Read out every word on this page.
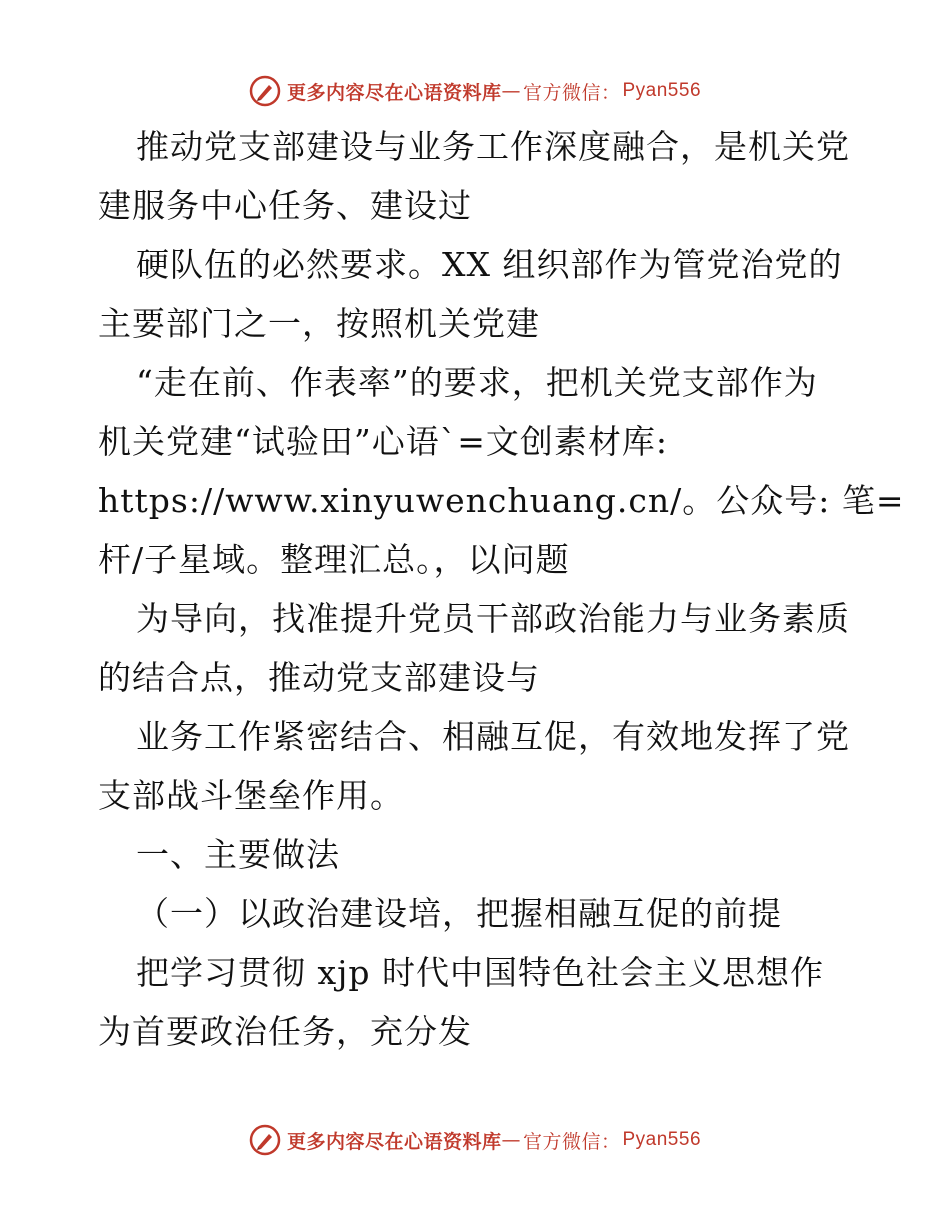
更多内容尽在心语资料库 — 官方微信： Pyan556
推动党支部建设与业务工作深度融合，是机关党
建服务中心任务、建设过
硬队伍的必然要求。XX 组织部作为管党治党的
主要部门之一，按照机关党建
“走在前、作表率”的要求，把机关党支部作为
机关党建“试验田”心语`=文创素材库:
https://www.xinyuwenchuang.cn/。公众号: 笔=
杆/子星域。整理汇总。，以问题
为导向，找准提升党员干部政治能力与业务素质
的结合点，推动党支部建设与
业务工作紧密结合、相融互促，有效地发挥了党
支部战斗堡垒作用。
一、主要做法
（一）以政治建设培，把握相融互促的前提
把学习贯彻 xjp 时代中国特色社会主义思想作
为首要政治任务，充分发
更多内容尽在心语资料库 — 官方微信： Pyan556
